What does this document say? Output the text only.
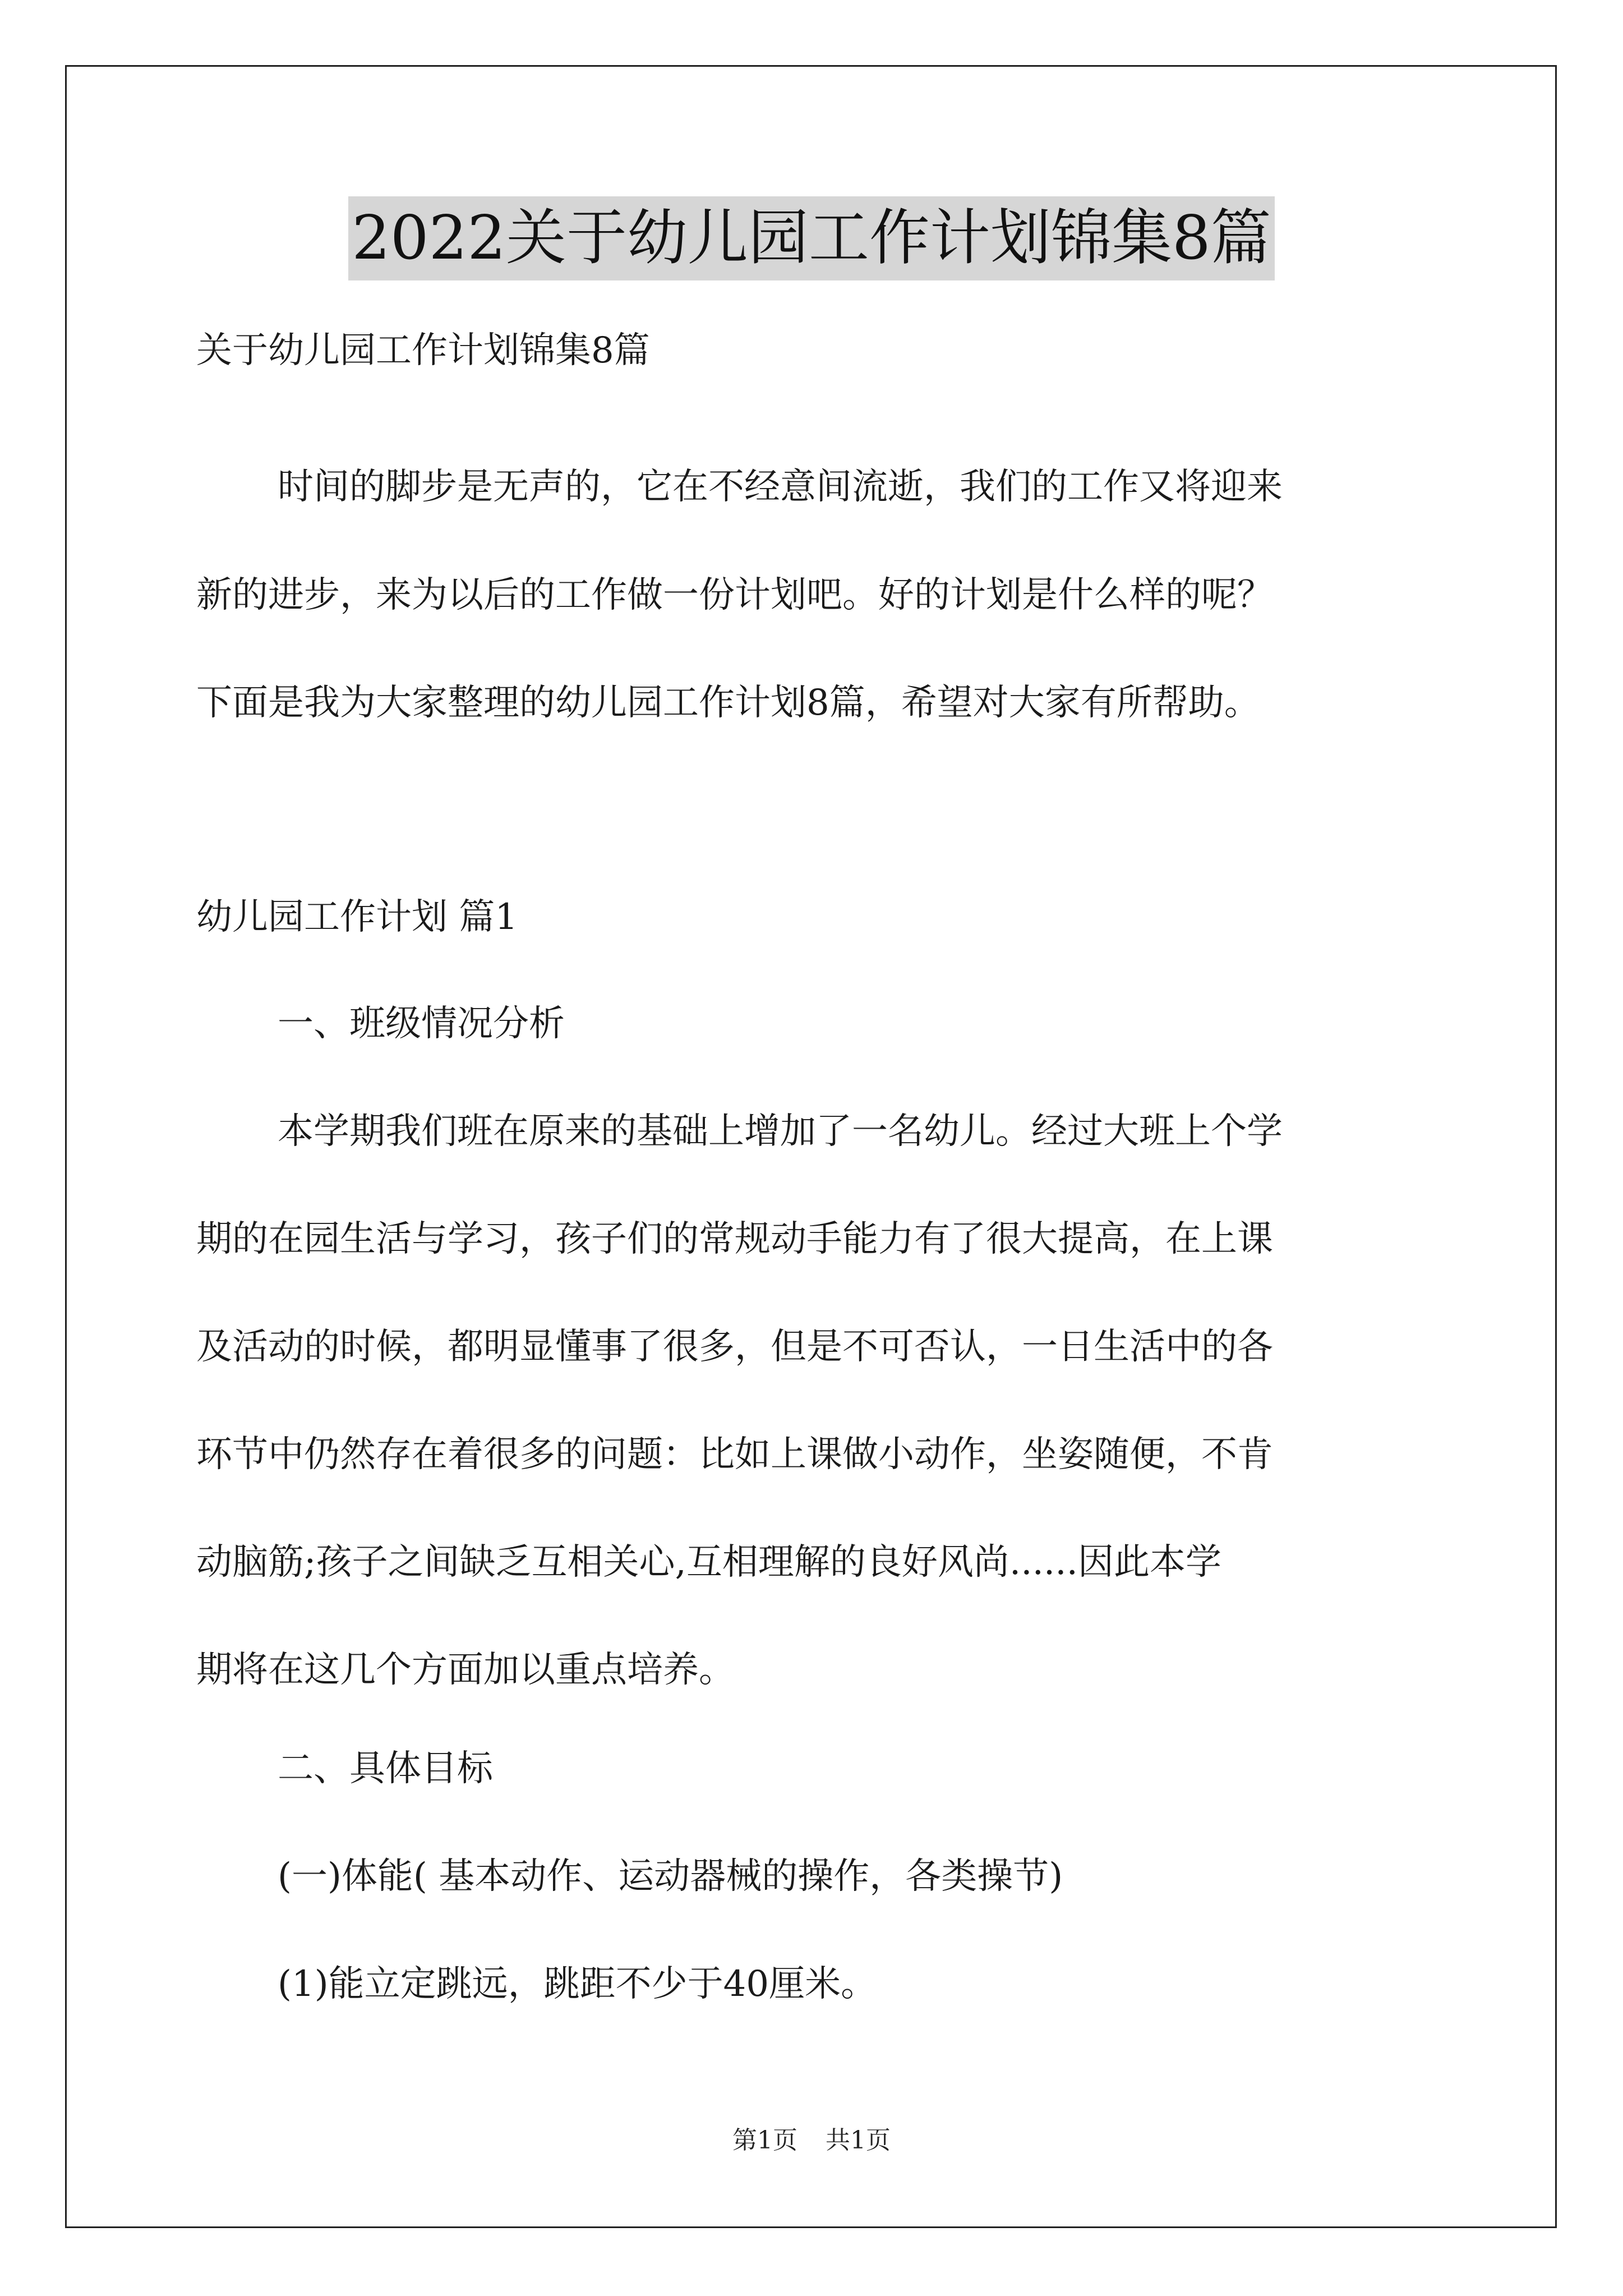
2022关于幼儿园工作计划锦集8篇
关于幼儿园工作计划锦集8篇
时间的脚步是无声的，它在不经意间流逝，我们的工作又将迎来
新的进步，来为以后的工作做一份计划吧。好的计划是什么样的呢？
下面是我为大家整理的幼儿园工作计划8篇，希望对大家有所帮助。
幼儿园工作计划 篇1
一、班级情况分析
本学期我们班在原来的基础上增加了一名幼儿。经过大班上个学
期的在园生活与学习，孩子们的常规动手能力有了很大提高，在上课
及活动的时候，都明显懂事了很多，但是不可否认，一日生活中的各
环节中仍然存在着很多的问题：比如上课做小动作，坐姿随便，不肯
动脑筋;孩子之间缺乏互相关心,互相理解的良好风尚......因此本学
期将在这几个方面加以重点培养。
二、具体目标
(一)体能( 基本动作、运动器械的操作，各类操节)
(1)能立定跳远，跳距不少于40厘米。
第1页 共1页
